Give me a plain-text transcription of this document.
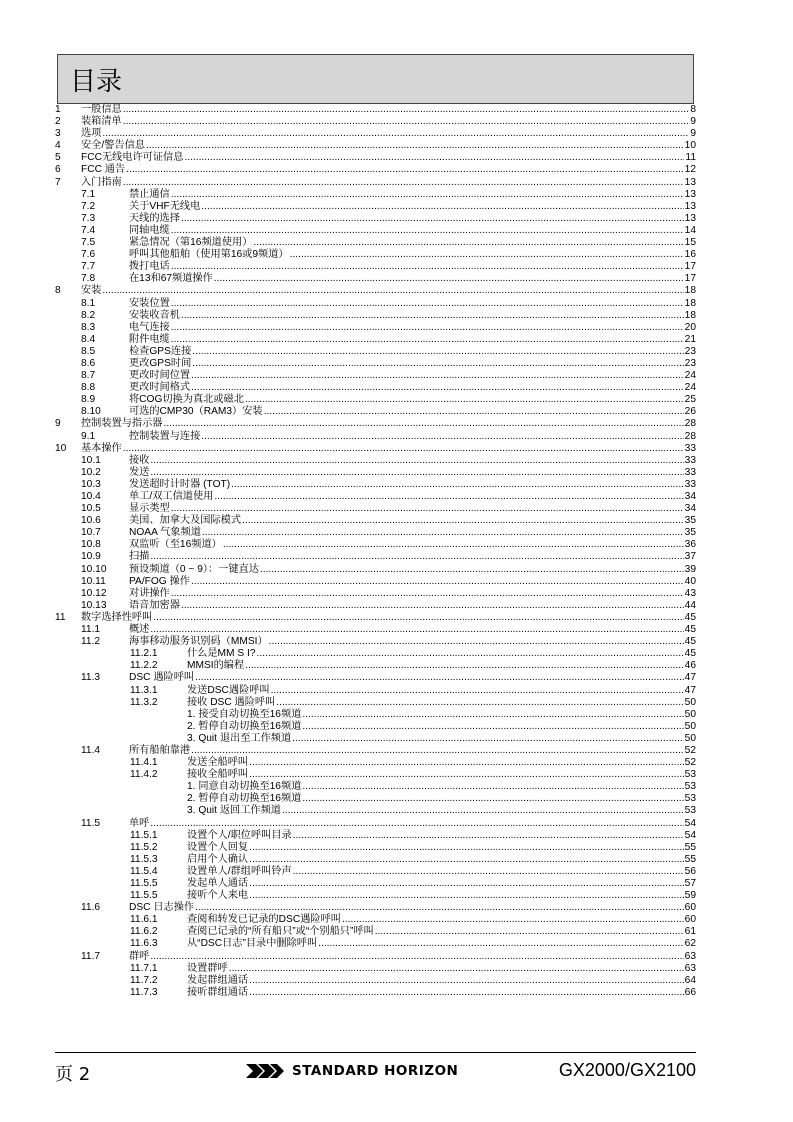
目录
1 一般信息 .....	8
2 装箱清单 .....	9
3 选项 .....	9
4 安全/警告信息 .....	10
5 FCC无线电许可证信息 .....	11
6 FCC 通告 .....	12
7 入门指南 .....	13
7.1	禁止通信 .....	13
7.2	关于VHF无线电 .....	13
7.3	天线的选择 .....	13
7.4	同轴电缆 .....	14
7.5	紧急情况（第16频道使用） .....	15
7.6	呼叫其他船舶（使用第16或9频道） .....	16
7.7	拨打电话 .....	17
7.8	在13和67频道操作 .....	17
8 安装 .....	18
8.1	安装位置 .....	18
8.2	安装收音机 .....	18
8.3	电气连接 .....	20
8.4	附件电缆 .....	21
8.5	检查GPS连接 .....	23
8.6	更改GPS时间 .....	23
8.7	更改时间位置 .....	24
8.8	更改时间格式 .....	24
8.9	将COG切换为真北或磁北 .....	25
8.10	可选的CMP30（RAM3）安装 .....	26
9 控制装置与指示器 .....	28
9.1	控制装置与连接 .....	28
10 基本操作 .....	33
10.1	接收 .....	33
10.2	发送 .....	33
10.3	发送超时计时器 (TOT) .....	33
10.4	单工/双工信道使用 .....	34
10.5	显示类型 .....	34
10.6	美国、加拿大及国际模式 .....	35
10.7	NOAA 气象频道 .....	35
10.8	双监听（至16频道） .....	36
10.9	扫描 .....	37
10.10 预设频道（0 ~ 9）：一键直达 .....	39
10.11 PA/FOG 操作 .....	40
10.12 对讲操作 .....	43
10.13 语音加密器 .....	44
11 数字选择性呼叫 .....	45
11.1	概述 .....	45
11.2	海事移动服务识别码（MMSI） .....	45
11.2.1	什么是MM S I? .....	45
11.2.2	MMSI的编程 .....	46
11.3	DSC 遇险呼叫 .....	47
11.3.1	发送DSC遇险呼叫 .....	47
11.3.2	接收 DSC 遇险呼叫 .....	50
1. 接受自动切换至16频道 .....	50
2. 暂停自动切换至16频道 .....	50
3. Quit 退出至工作频道 .....	50
11.4	所有船舶靠港 .....	52
11.4.1	发送全船呼叫 .....	52
11.4.2	接收全船呼叫 .....	53
1. 同意自动切换至16频道 .....	53
2. 暂停自动切换至16频道 .....	53
3. Quit 返回工作频道 .....	53
11.5	单呼 .....	54
11.5.1	设置个人/职位呼叫目录 .....	54
11.5.2	设置个人回复 .....	55
11.5.3	启用个人确认 .....	55
11.5.4	设置单人/群组呼叫铃声 .....	56
11.5.5	发起单人通话 .....	57
11.5.5	接听个人来电 .....	59
11.6	DSC 日志操作 .....	60
11.6.1	查阅和转发已记录的DSC遇险呼叫 .....	60
11.6.2	查阅已记录的“所有船只”或“个别船只”呼叫 .....	61
11.6.3	从“DSC日志”目录中删除呼叫 .....	62
11.7	群呼 .....	63
11.7.1	设置群呼 .....	63
11.7.2	发起群组通话 .....	64
11.7.3	接听群组通话 .....	66
页 2	STANDARD HORIZON	GX2000/GX2100
